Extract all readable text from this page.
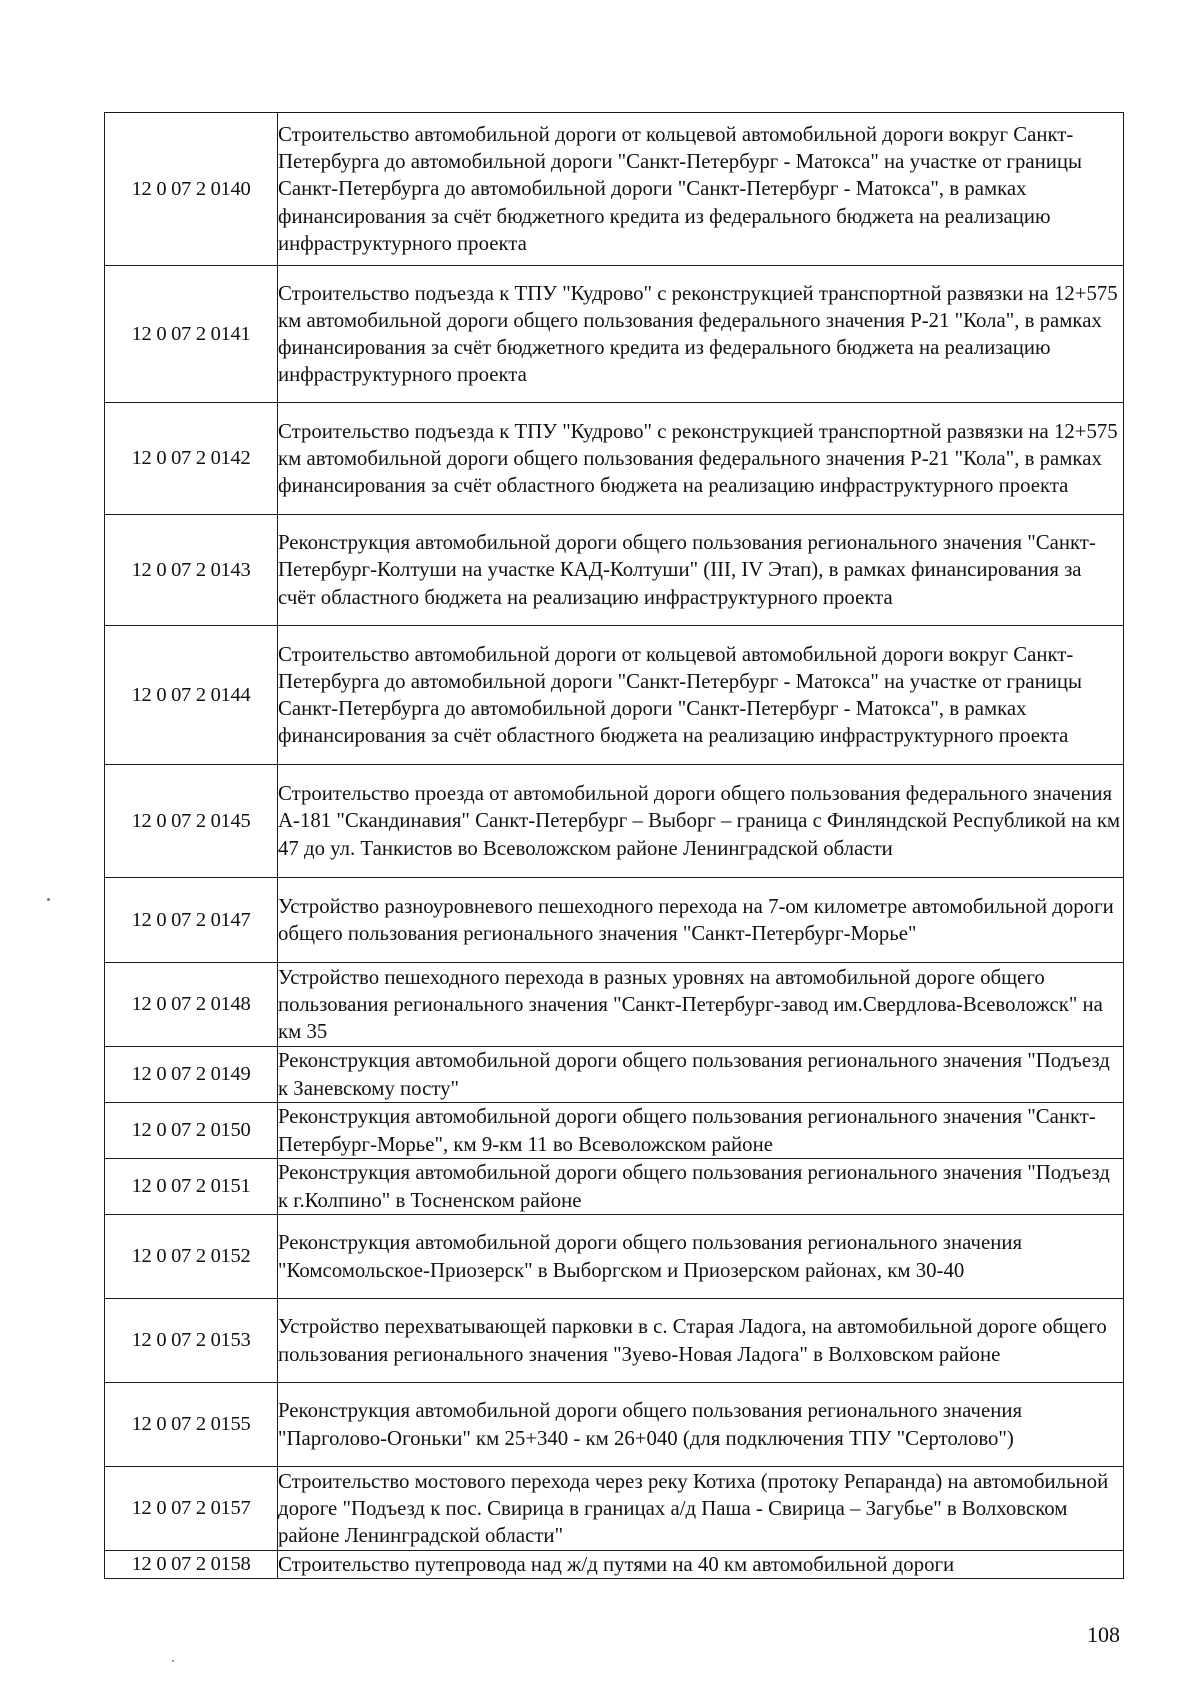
12 0 07 2 0140	Строительство автомобильной дороги от кольцевой автомобильной дороги вокруг Санкт-Петербурга до автомобильной дороги "Санкт-Петербург - Матокса" на участке от границы Санкт-Петербурга до автомобильной дороги "Санкт-Петербург - Матокса", в рамках финансирования за счёт бюджетного кредита из федерального бюджета на реализацию инфраструктурного проекта
12 0 07 2 0141	Строительство подъезда к ТПУ "Кудрово" с реконструкцией транспортной развязки на 12+575 км автомобильной дороги общего пользования федерального значения Р-21 "Кола", в рамках финансирования за счёт бюджетного кредита из федерального бюджета на реализацию инфраструктурного проекта
12 0 07 2 0142	Строительство подъезда к ТПУ "Кудрово" с реконструкцией транспортной развязки на 12+575 км автомобильной дороги общего пользования федерального значения Р-21 "Кола", в рамках финансирования за счёт областного бюджета на реализацию инфраструктурного проекта
12 0 07 2 0143	Реконструкция автомобильной дороги общего пользования регионального значения "Санкт-Петербург-Колтуши на участке КАД-Колтуши" (III, IV Этап), в рамках финансирования за счёт областного бюджета на реализацию инфраструктурного проекта
12 0 07 2 0144	Строительство автомобильной дороги от кольцевой автомобильной дороги вокруг Санкт-Петербурга до автомобильной дороги "Санкт-Петербург - Матокса" на участке от границы Санкт-Петербурга до автомобильной дороги "Санкт-Петербург - Матокса", в рамках финансирования за счёт областного бюджета на реализацию инфраструктурного проекта
12 0 07 2 0145	Строительство проезда от автомобильной дороги общего пользования федерального значения А-181 "Скандинавия" Санкт-Петербург – Выборг – граница с Финляндской Республикой на км 47 до ул. Танкистов во Всеволожском районе Ленинградской области
12 0 07 2 0147	Устройство разноуровневого пешеходного перехода на 7-ом километре автомобильной дороги общего пользования регионального значения "Санкт-Петербург-Морье"
12 0 07 2 0148	Устройство пешеходного перехода в разных уровнях на автомобильной дороге общего пользования регионального значения "Санкт-Петербург-завод им.Свердлова-Всеволожск" на км 35
12 0 07 2 0149	Реконструкция автомобильной дороги общего пользования регионального значения "Подъезд к Заневскому посту"
12 0 07 2 0150	Реконструкция автомобильной дороги общего пользования регионального значения "Санкт-Петербург-Морье", км 9-км 11 во Всеволожском районе
12 0 07 2 0151	Реконструкция автомобильной дороги общего пользования регионального значения "Подъезд к г.Колпино" в Тосненском районе
12 0 07 2 0152	Реконструкция автомобильной дороги общего пользования регионального значения "Комсомольское-Приозерск" в Выборгском и Приозерском районах, км 30-40
12 0 07 2 0153	Устройство перехватывающей парковки в с. Старая Ладога, на автомобильной дороге общего пользования регионального значения "Зуево-Новая Ладога" в Волховском районе
12 0 07 2 0155	Реконструкция автомобильной дороги общего пользования регионального значения "Парголово-Огоньки" км 25+340 - км 26+040 (для подключения ТПУ "Сертолово")
12 0 07 2 0157	Строительство мостового перехода через реку Котиха (протоку Репаранда) на автомобильной дороге "Подъезд к пос. Свирица в границах а/д Паша - Свирица – Загубье" в Волховском районе Ленинградской области"
12 0 07 2 0158	Строительство путепровода над ж/д путями на 40 км автомобильной дороги
108
